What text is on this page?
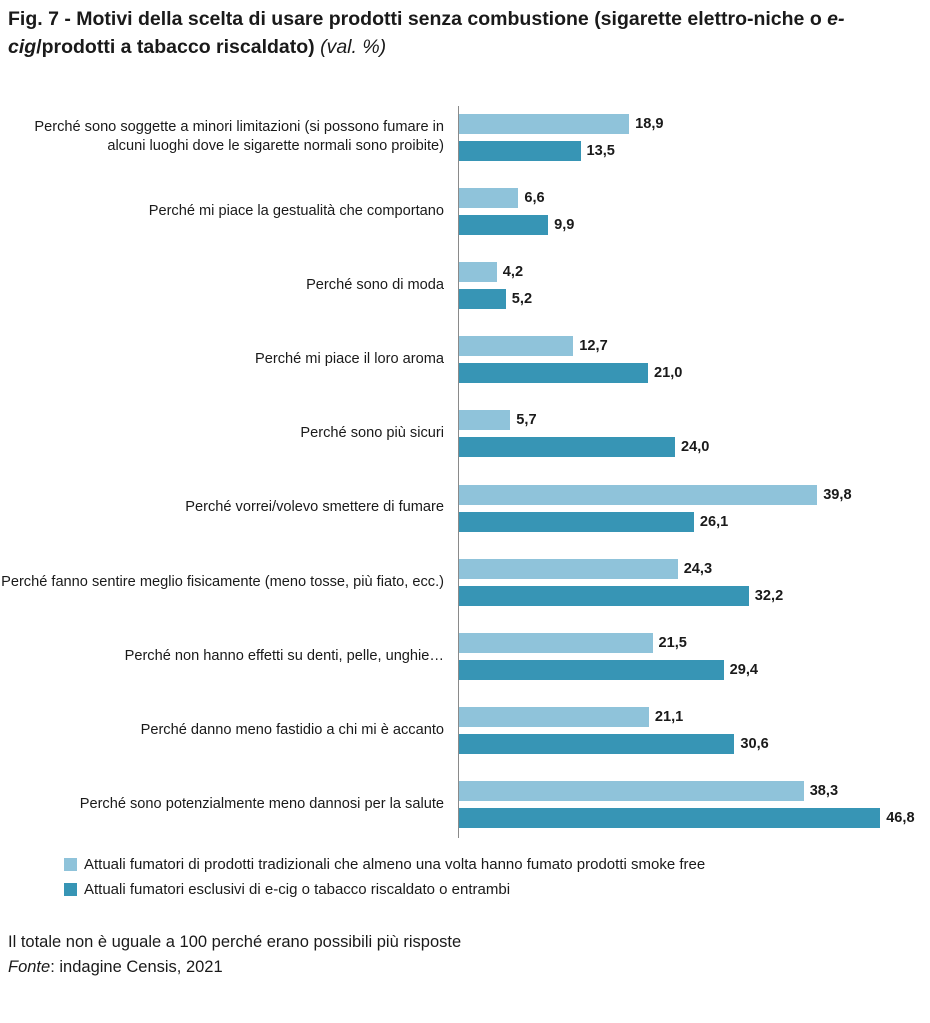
Fig. 7 - Motivi della scelta di usare prodotti senza combustione (sigarette elettro-niche o e-cig/prodotti a tabacco riscaldato) (val. %)
Perché sono soggette a minori limitazioni (si possono fumare in alcuni luoghi dove le sigarette normali sono proibite)
18,9
13,5
Perché mi piace la gestualità che comportano
6,6
9,9
Perché sono di moda
4,2
5,2
Perché mi piace il loro aroma
12,7
21,0
Perché sono più sicuri
5,7
24,0
Perché vorrei/volevo smettere di fumare
39,8
26,1
Perché fanno sentire meglio fisicamente (meno tosse, più fiato, ecc.)
24,3
32,2
Perché non hanno effetti su denti, pelle, unghie…
21,5
29,4
Perché danno meno fastidio a chi mi è accanto
21,1
30,6
Perché sono potenzialmente meno dannosi per la salute
38,3
46,8
Attuali fumatori di prodotti tradizionali che almeno una volta hanno fumato prodotti smoke free
Attuali fumatori esclusivi di e-cig o tabacco riscaldato o entrambi
Il totale non è uguale a 100 perché erano possibili più risposte
Fonte: indagine Censis, 2021
